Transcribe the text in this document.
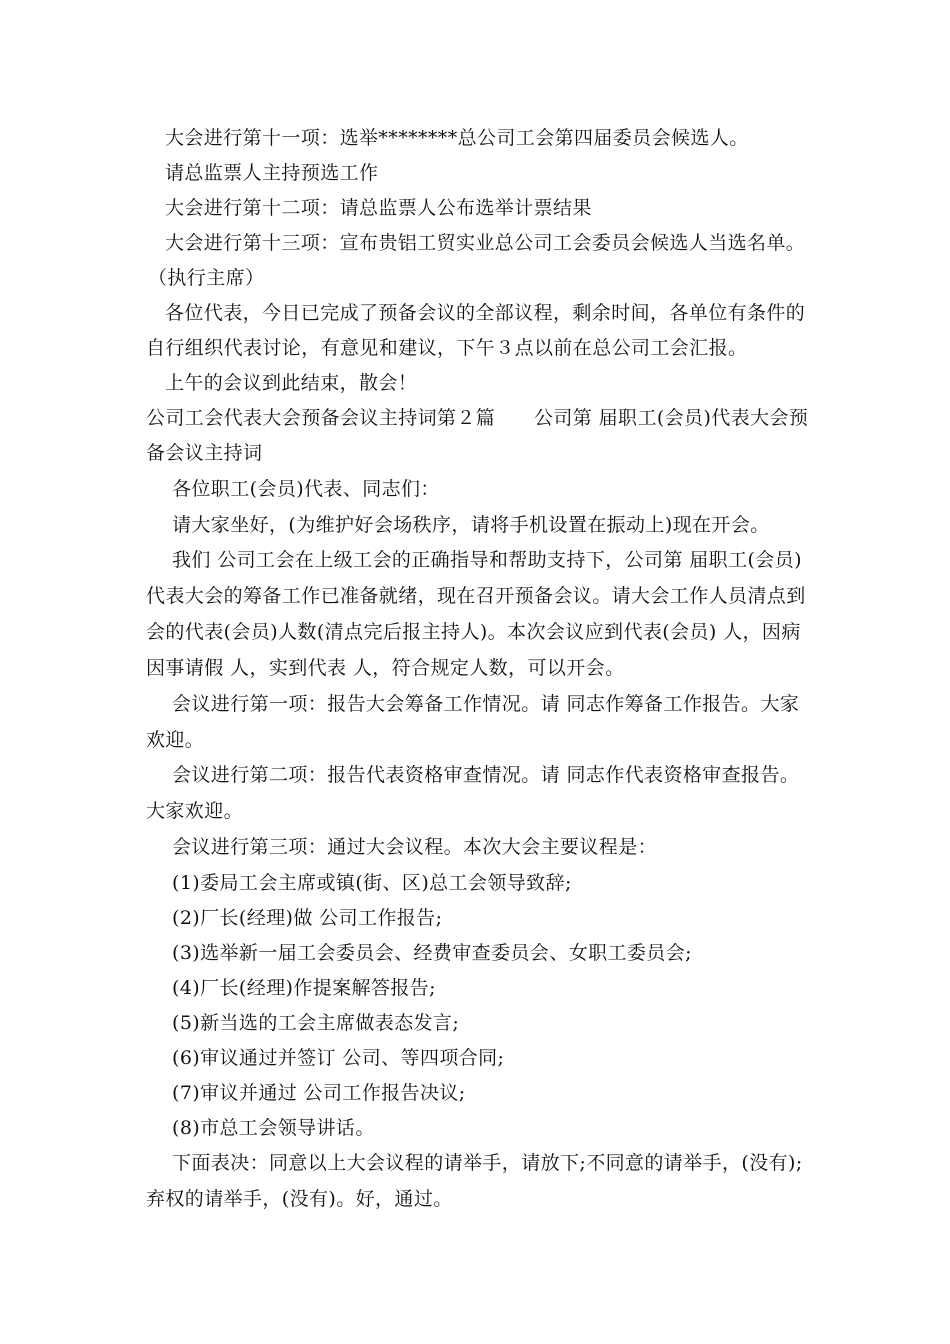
大会进行第十一项：选举********总公司工会第四届委员会候选人。
请总监票人主持预选工作
大会进行第十二项：请总监票人公布选举计票结果
大会进行第十三项：宣布贵铝工贸实业总公司工会委员会候选人当选名单。
（执行主席）
各位代表，今日已完成了预备会议的全部议程，剩余时间，各单位有条件的
自行组织代表讨论，有意见和建议，下午３点以前在总公司工会汇报。
上午的会议到此结束，散会！
公司工会代表大会预备会议主持词第２篇　　公司第 届职工(会员)代表大会预
备会议主持词
各位职工(会员)代表、同志们：
请大家坐好，(为维护好会场秩序，请将手机设置在振动上)现在开会。
我们 公司工会在上级工会的正确指导和帮助支持下，公司第 届职工(会员)
代表大会的筹备工作已准备就绪，现在召开预备会议。请大会工作人员清点到
会的代表(会员)人数(清点完后报主持人)。本次会议应到代表(会员) 人，因病
因事请假 人，实到代表 人，符合规定人数，可以开会。
会议进行第一项：报告大会筹备工作情况。请 同志作筹备工作报告。大家
欢迎。
会议进行第二项：报告代表资格审查情况。请 同志作代表资格审查报告。
大家欢迎。
会议进行第三项：通过大会议程。本次大会主要议程是：
(1)委局工会主席或镇(街、区)总工会领导致辞;
(2)厂长(经理)做 公司工作报告;
(3)选举新一届工会委员会、经费审查委员会、女职工委员会;
(4)厂长(经理)作提案解答报告;
(5)新当选的工会主席做表态发言;
(6)审议通过并签订 公司、等四项合同;
(7)审议并通过 公司工作报告决议;
(8)市总工会领导讲话。
下面表决：同意以上大会议程的请举手，请放下;不同意的请举手，(没有);
弃权的请举手，(没有)。好，通过。
